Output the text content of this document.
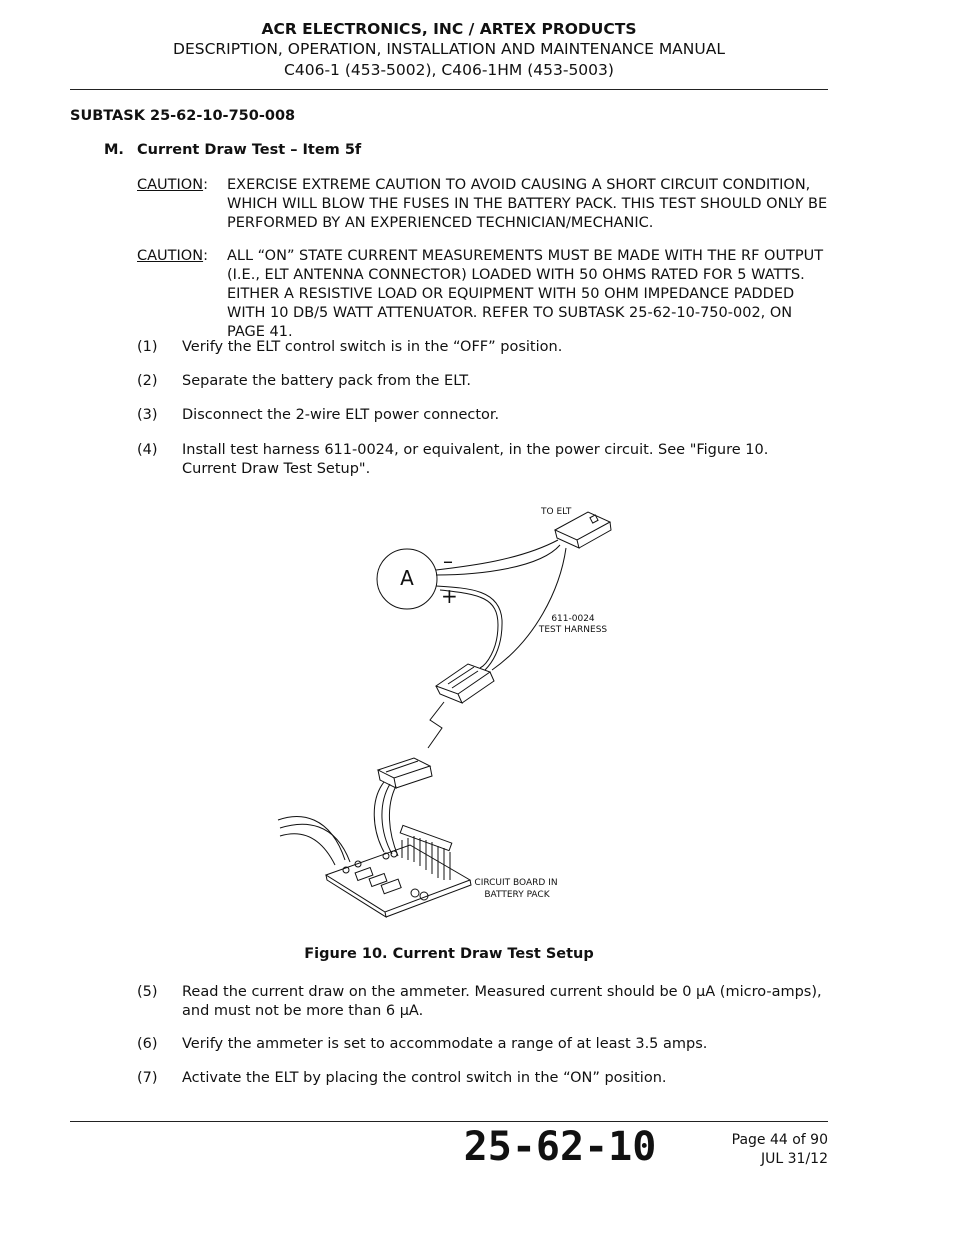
ACR ELECTRONICS, INC / ARTEX PRODUCTS
DESCRIPTION, OPERATION, INSTALLATION AND MAINTENANCE MANUAL
C406-1 (453-5002), C406-1HM (453-5003)
SUBTASK 25-62-10-750-008
M. Current Draw Test – Item 5f
CAUTION: EXERCISE EXTREME CAUTION TO AVOID CAUSING A SHORT CIRCUIT CONDITION, WHICH WILL BLOW THE FUSES IN THE BATTERY PACK. THIS TEST SHOULD ONLY BE PERFORMED BY AN EXPERIENCED TECHNICIAN/MECHANIC.
CAUTION: ALL “ON” STATE CURRENT MEASUREMENTS MUST BE MADE WITH THE RF OUTPUT (I.E., ELT ANTENNA CONNECTOR) LOADED WITH 50 OHMS RATED FOR 5 WATTS. EITHER A RESISTIVE LOAD OR EQUIPMENT WITH 50 OHM IMPEDANCE PADDED WITH 10 DB/5 WATT ATTENUATOR. REFER TO SUBTASK 25-62-10-750-002, ON PAGE 41.
(1) Verify the ELT control switch is in the “OFF” position.
(2) Separate the battery pack from the ELT.
(3) Disconnect the 2-wire ELT power connector.
(4) Install test harness 611-0024, or equivalent, in the power circuit. See "Figure 10. Current Draw Test Setup".
A
–
+
TO ELT
611-0024
TEST HARNESS
CIRCUIT BOARD IN
BATTERY PACK
Figure 10. Current Draw Test Setup
(5) Read the current draw on the ammeter. Measured current should be 0 µA (micro-amps), and must not be more than 6 µA.
(6) Verify the ammeter is set to accommodate a range of at least 3.5 amps.
(7) Activate the ELT by placing the control switch in the “ON” position.
25-62-10	Page 44 of 90
JUL 31/12
